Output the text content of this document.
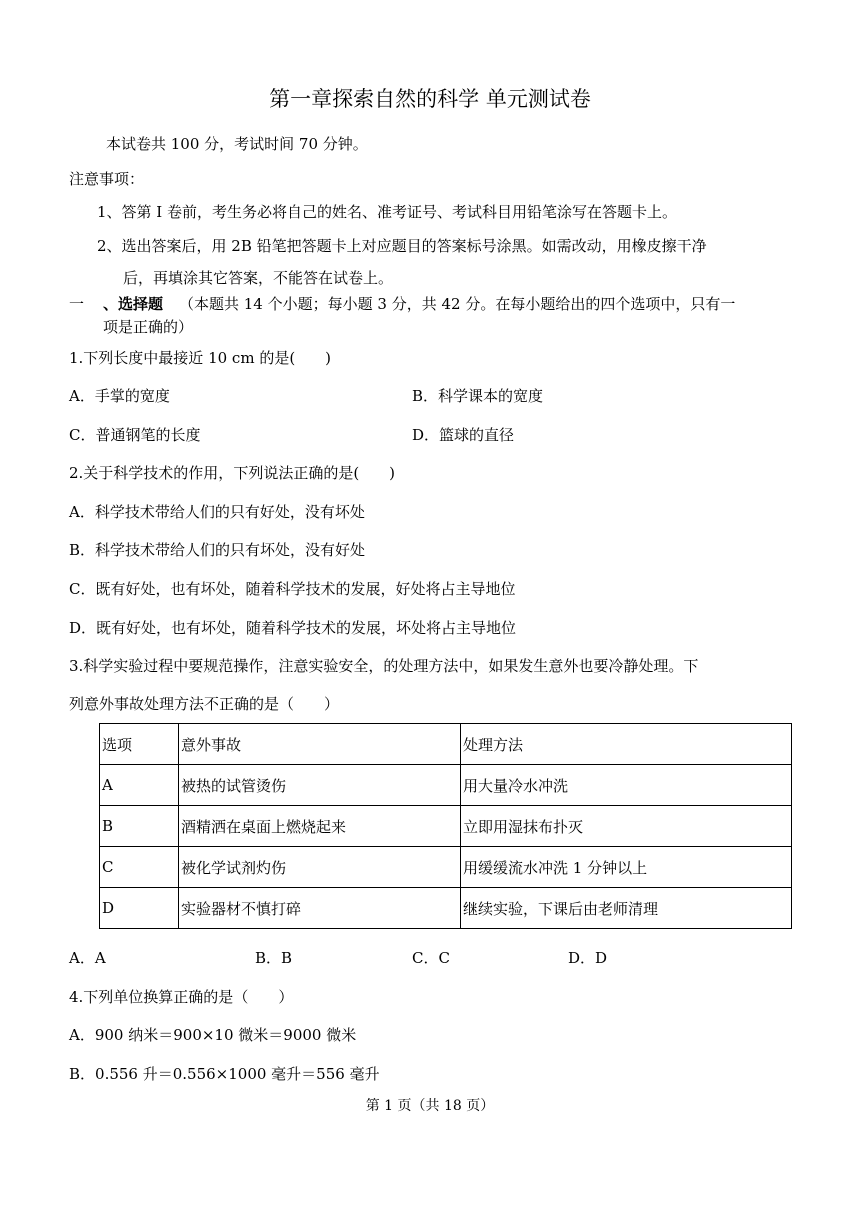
第一章探索自然的科学 单元测试卷
本试卷共 100 分，考试时间 70 分钟。
注意事项：
1、答第 I 卷前，考生务必将自己的姓名、准考证号、考试科目用铅笔涂写在答题卡上。
2、选出答案后，用 2B 铅笔把答题卡上对应题目的答案标号涂黑。如需改动，用橡皮擦干净
后，再填涂其它答案，不能答在试卷上。
一 、选择题 （本题共 14 个小题；每小题 3 分，共 42 分。在每小题给出的四个选项中，只有一
项是正确的）
1.下列长度中最接近 10 cm 的是(　　)
A．手掌的宽度	B．科学课本的宽度
C．普通钢笔的长度	D．篮球的直径
2.关于科学技术的作用，下列说法正确的是(　　)
A．科学技术带给人们的只有好处，没有坏处
B．科学技术带给人们的只有坏处，没有好处
C．既有好处，也有坏处，随着科学技术的发展，好处将占主导地位
D．既有好处，也有坏处，随着科学技术的发展，坏处将占主导地位
3.科学实验过程中要规范操作，注意实验安全，的处理方法中，如果发生意外也要冷静处理。下
列意外事故处理方法不正确的是（　　）
选项	意外事故	处理方法
A	被热的试管烫伤	用大量冷水冲洗
B	酒精洒在桌面上燃烧起来	立即用湿抹布扑灭
C	被化学试剂灼伤	用缓缓流水冲洗 1 分钟以上
D	实验器材不慎打碎	继续实验，下课后由老师清理
A．A	B．B	C．C	D．D
4.下列单位换算正确的是（　　）
A．900 纳米＝900×10 微米＝9000 微米
B．0.556 升＝0.556×1000 毫升＝556 毫升
第 1 页（共 18 页）
